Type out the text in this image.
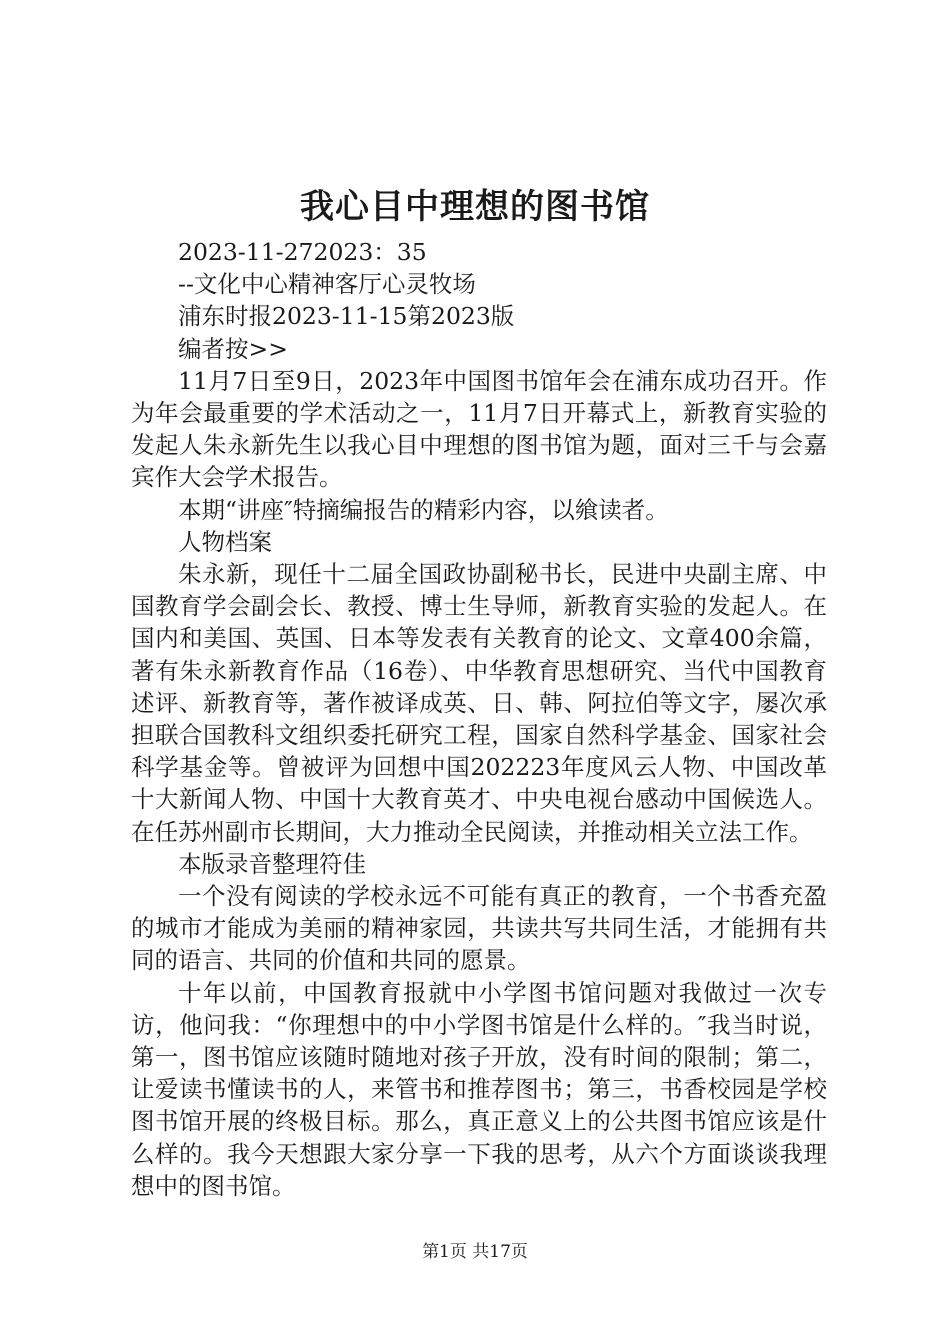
我心目中理想的图书馆

2023-11-272023：35

--文化中心精神客厅心灵牧场

浦东时报2023-11-15第2023版

编者按>>

11月7日至9日，2023年中国图书馆年会在浦东成功召开。作为年会最重要的学术活动之一，11月7日开幕式上，新教育实验的发起人朱永新先生以我心目中理想的图书馆为题，面对三千与会嘉宾作大会学术报告。

本期“讲座″特摘编报告的精彩内容，以飨读者。

人物档案

朱永新，现任十二届全国政协副秘书长，民进中央副主席、中国教育学会副会长、教授、博士生导师，新教育实验的发起人。在国内和美国、英国、日本等发表有关教育的论文、文章400余篇，著有朱永新教育作品（16卷）、中华教育思想研究、当代中国教育述评、新教育等，著作被译成英、日、韩、阿拉伯等文字，屡次承担联合国教科文组织委托研究工程，国家自然科学基金、国家社会科学基金等。曾被评为回想中国202223年度风云人物、中国改革十大新闻人物、中国十大教育英才、中央电视台感动中国候选人。在任苏州副市长期间，大力推动全民阅读，并推动相关立法工作。

本版录音整理符佳

一个没有阅读的学校永远不可能有真正的教育，一个书香充盈的城市才能成为美丽的精神家园，共读共写共同生活，才能拥有共同的语言、共同的价值和共同的愿景。

十年以前，中国教育报就中小学图书馆问题对我做过一次专访，他问我：“你理想中的中小学图书馆是什么样的。″我当时说，第一，图书馆应该随时随地对孩子开放，没有时间的限制；第二，让爱读书懂读书的人，来管书和推荐图书；第三，书香校园是学校图书馆开展的终极目标。那么，真正意义上的公共图书馆应该是什么样的。我今天想跟大家分享一下我的思考，从六个方面谈谈我理想中的图书馆。

第1页 共17页
